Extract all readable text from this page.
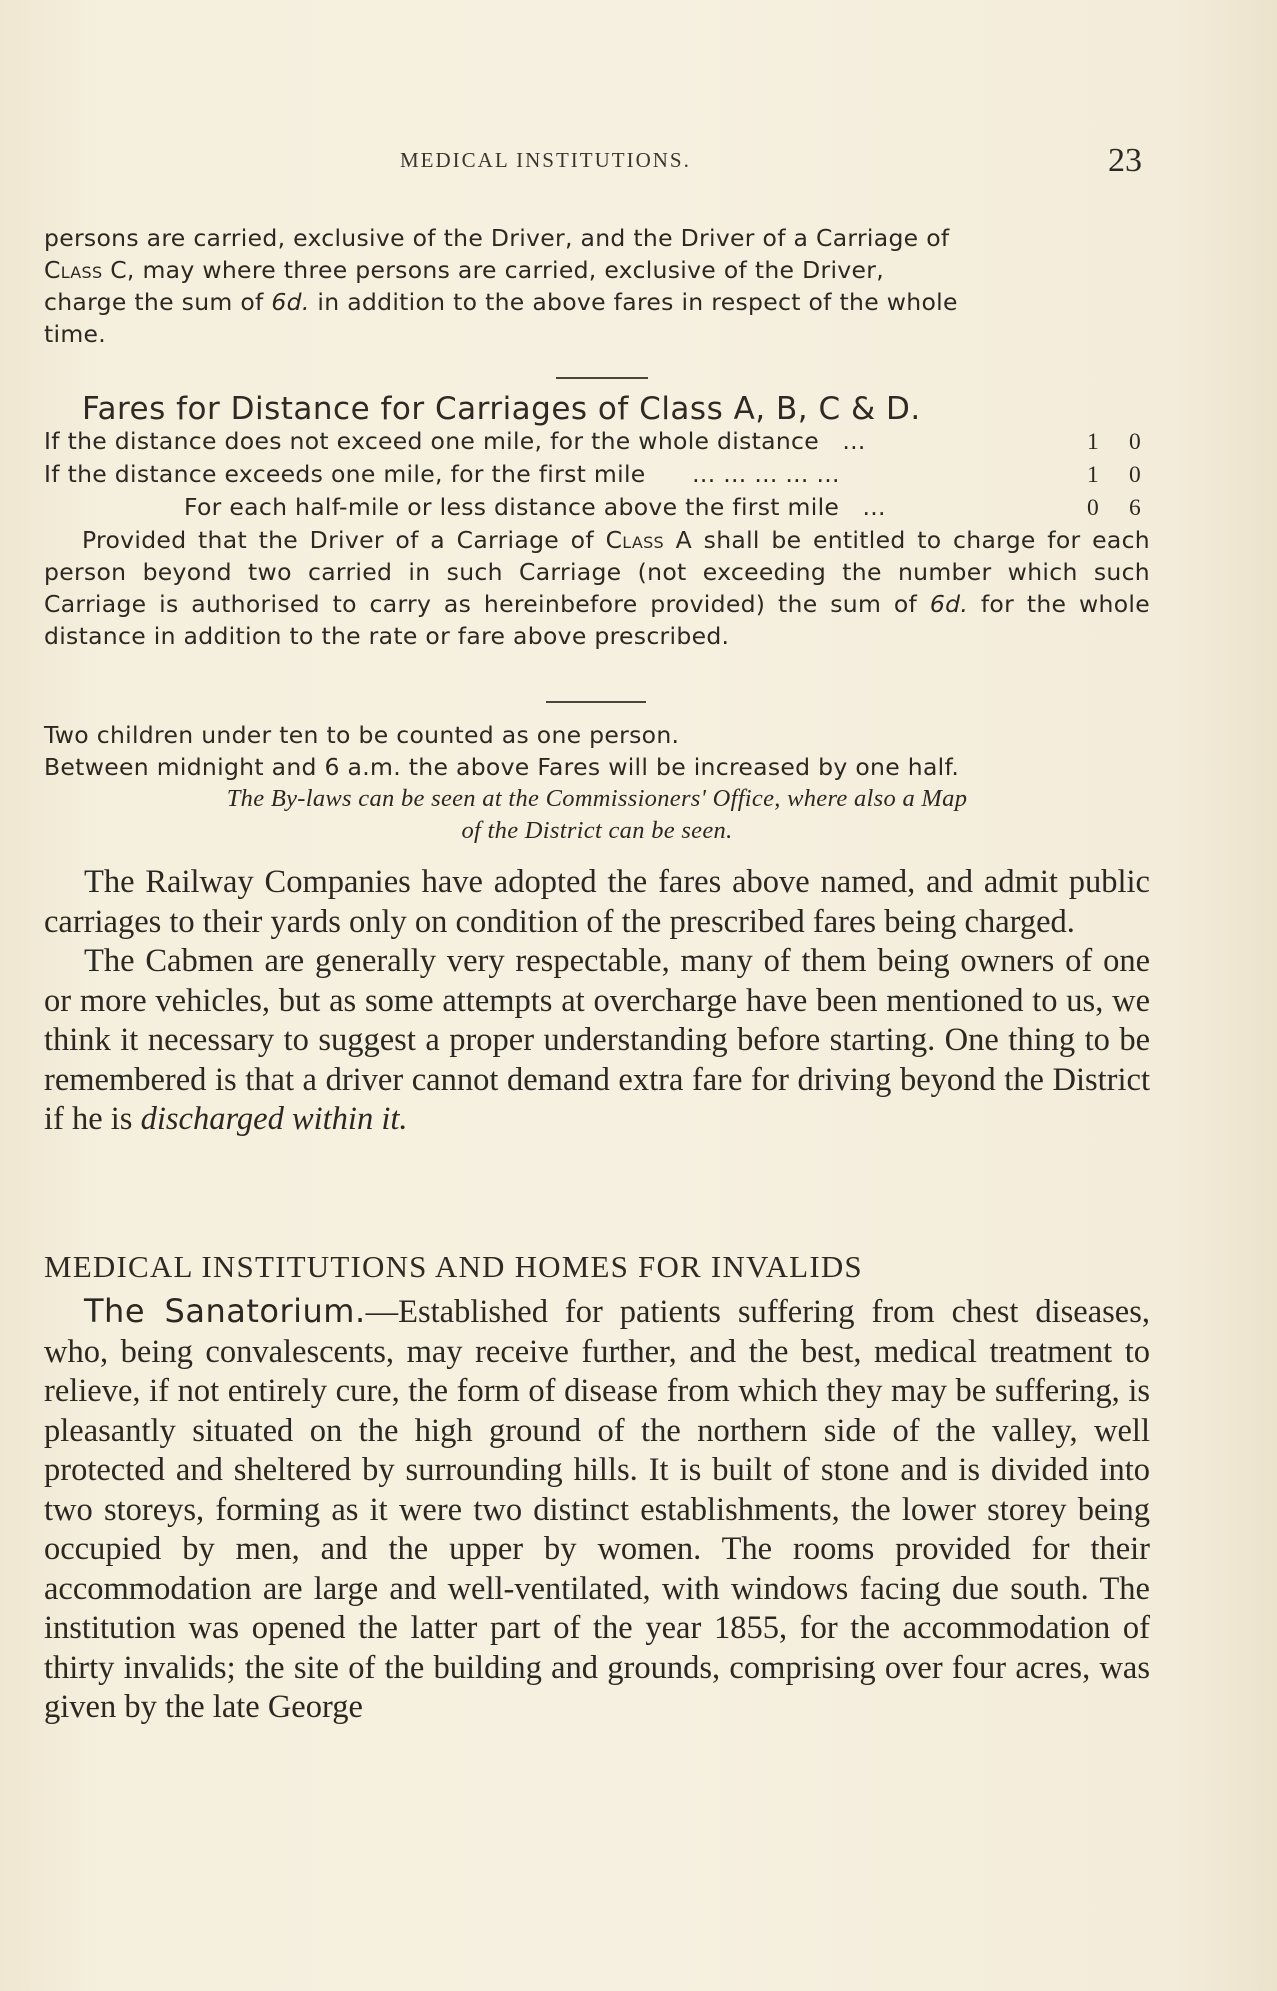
MEDICAL INSTITUTIONS.	23

persons are carried, exclusive of the Driver, and the Driver of a Carriage of

Class C, may where three persons are carried, exclusive of the Driver,

charge the sum of 6d. in addition to the above fares in respect of the whole

time.

Fares for Distance for Carriages of Class A, B, C & D.

If the distance does not exceed one mile, for the whole distance ...	1	0
If the distance exceeds one mile, for the first mile ... ... ... ... ...	1	0
For each half-mile or less distance above the first mile ...	0	6

Provided that the Driver of a Carriage of Class A shall be entitled to charge for each person beyond two carried in such Carriage (not exceeding the number which such Carriage is authorised to carry as hereinbefore provided) the sum of 6d. for the whole distance in addition to the rate or fare above prescribed.

Two children under ten to be counted as one person.

Between midnight and 6 a.m. the above Fares will be increased by one half.

The By-laws can be seen at the Commissioners' Office, where also a Map

of the District can be seen.

The Railway Companies have adopted the fares above named, and admit public carriages to their yards only on condition of the prescribed fares being charged.

The Cabmen are generally very respectable, many of them being owners of one or more vehicles, but as some attempts at overcharge have been mentioned to us, we think it necessary to suggest a proper understanding before starting. One thing to be remembered is that a driver cannot demand extra fare for driving beyond the District if he is discharged within it.

MEDICAL INSTITUTIONS AND HOMES FOR INVALIDS

The Sanatorium.—Established for patients suffering from chest diseases, who, being convalescents, may receive further, and the best, medical treatment to relieve, if not entirely cure, the form of disease from which they may be suffering, is pleasantly situated on the high ground of the northern side of the valley, well protected and sheltered by surrounding hills. It is built of stone and is divided into two storeys, forming as it were two distinct establishments, the lower storey being occupied by men, and the upper by women. The rooms provided for their accommodation are large and well-ventilated, with windows facing due south. The institution was opened the latter part of the year 1855, for the accommodation of thirty invalids; the site of the building and grounds, comprising over four acres, was given by the late George
